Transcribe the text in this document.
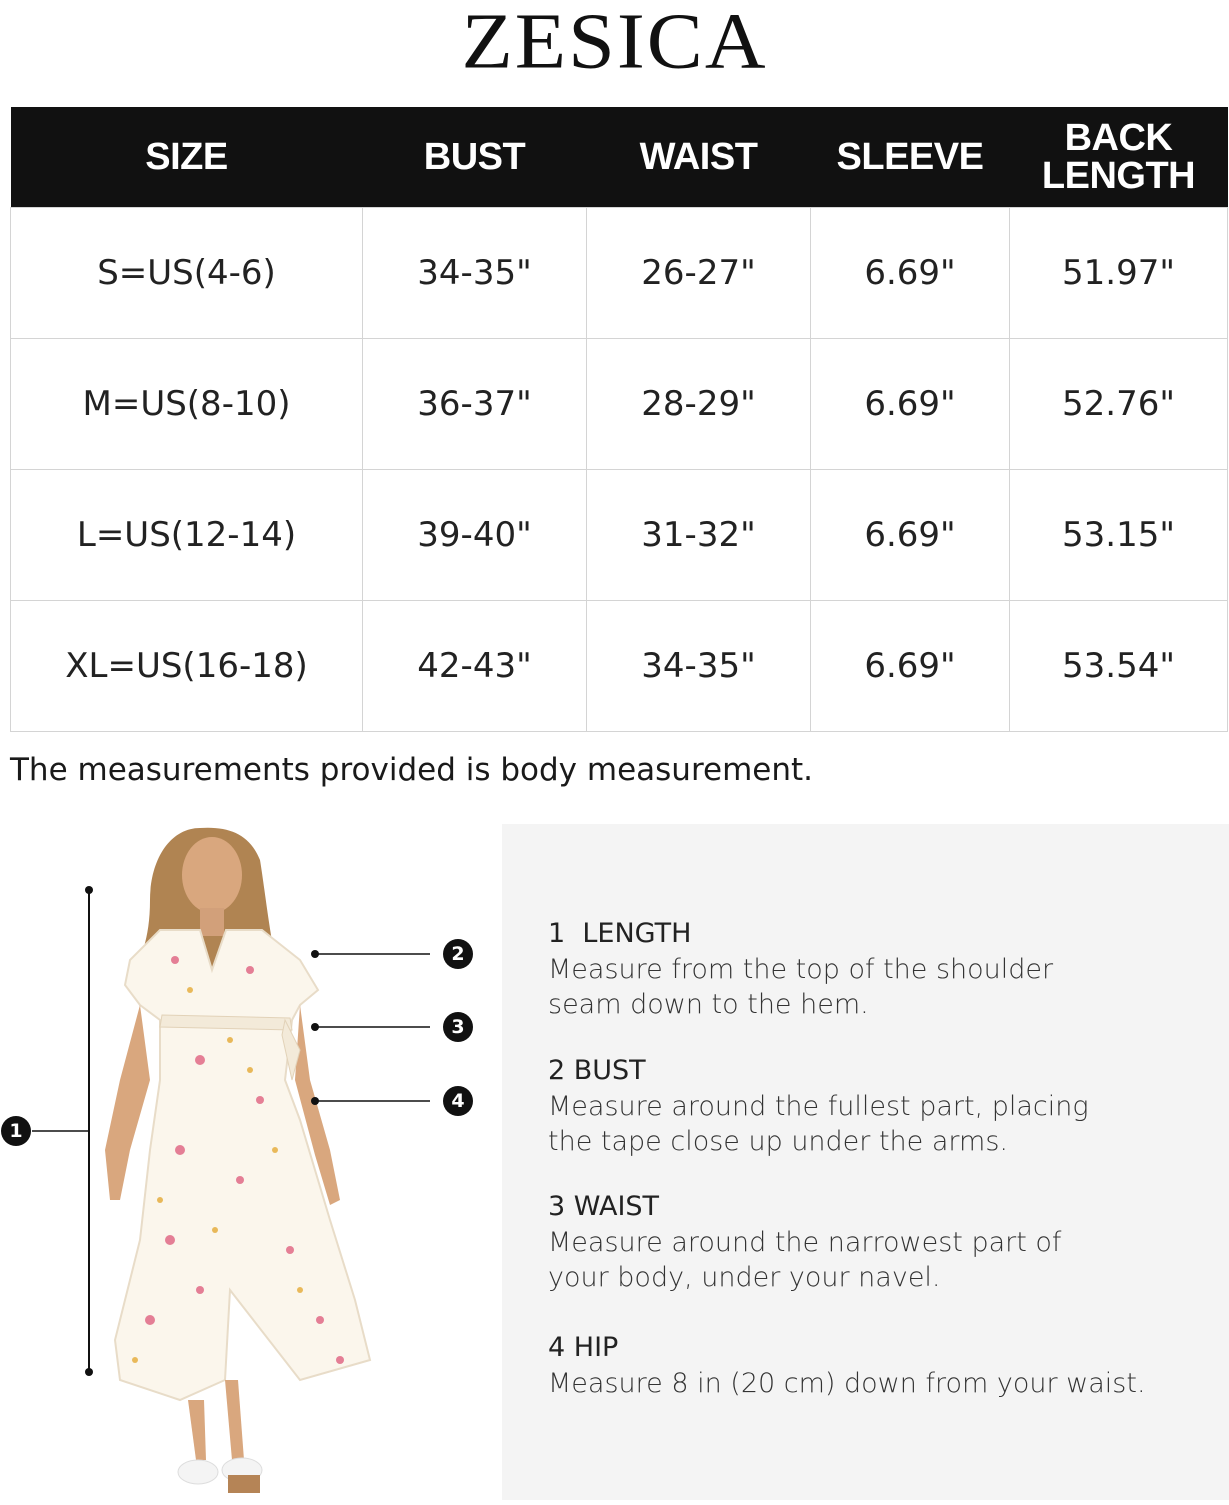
ZESICA
SIZE	BUST	WAIST	SLEEVE	BACK
LENGTH
S=US(4-6)	34-35"	26-27"	6.69"	51.97"
M=US(8-10)	36-37"	28-29"	6.69"	52.76"
L=US(12-14)	39-40"	31-32"	6.69"	53.15"
XL=US(16-18)	42-43"	34-35"	6.69"	53.54"
The measurements provided is body measurement.
1
2
3
4
1  LENGTH
Measure from the top of the shoulder
seam down to the hem.
2 BUST
Measure around the fullest part, placing
the tape close up under the arms.
3 WAIST
Measure around the narrowest part of
your body, under your navel.
4 HIP
Measure 8 in (20 cm) down from your waist.
